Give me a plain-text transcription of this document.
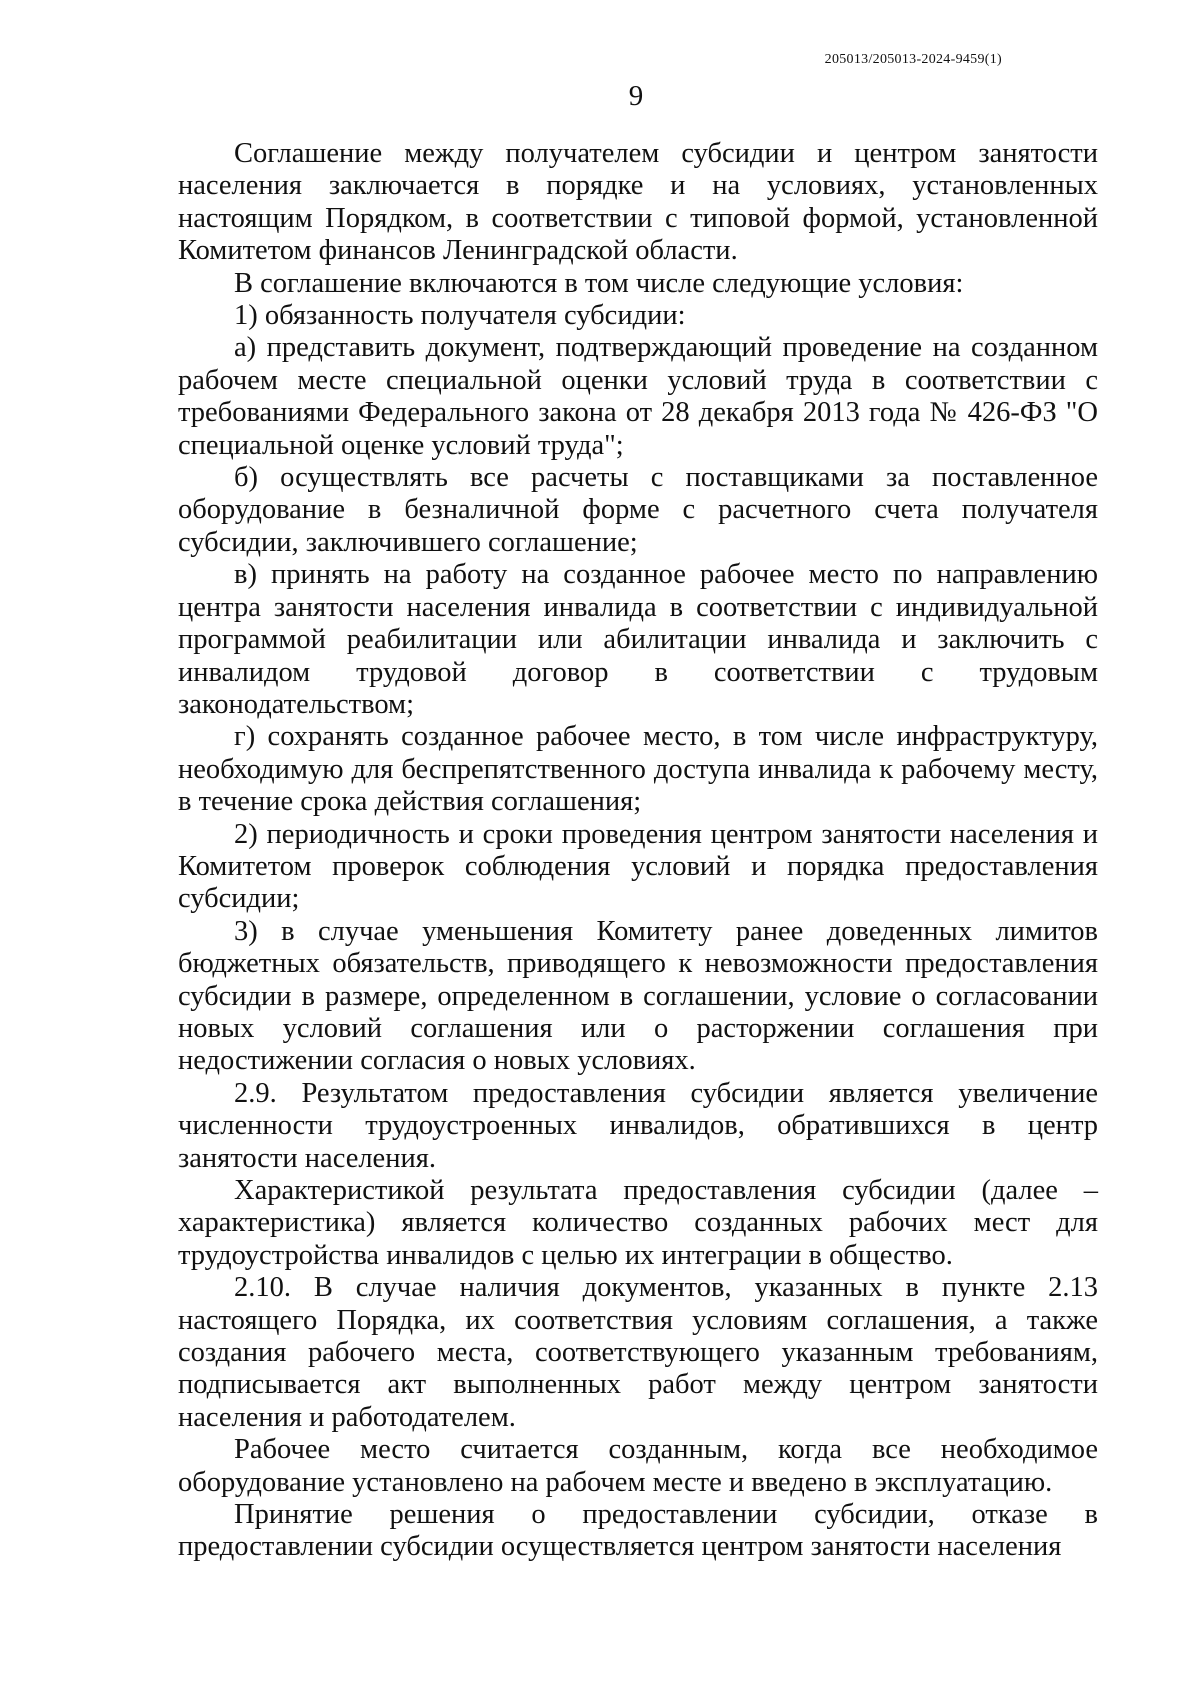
205013/205013-2024-9459(1)
9

Соглашение между получателем субсидии и центром занятости населения заключается в порядке и на условиях, установленных настоящим Порядком, в соответствии с типовой формой, установленной Комитетом финансов Ленинградской области.

В соглашение включаются в том числе следующие условия:

1) обязанность получателя субсидии:

а) представить документ, подтверждающий проведение на созданном рабочем месте специальной оценки условий труда в соответствии с требованиями Федерального закона от 28 декабря 2013 года № 426-ФЗ "О специальной оценке условий труда";

б) осуществлять все расчеты с поставщиками за поставленное оборудование в безналичной форме с расчетного счета получателя субсидии, заключившего соглашение;

в) принять на работу на созданное рабочее место по направлению центра занятости населения инвалида в соответствии с индивидуальной программой реабилитации или абилитации инвалида и заключить с инвалидом трудовой договор в соответствии с трудовым законодательством;

г) сохранять созданное рабочее место, в том числе инфраструктуру, необходимую для беспрепятственного доступа инвалида к рабочему месту, в течение срока действия соглашения;

2) периодичность и сроки проведения центром занятости населения и Комитетом проверок соблюдения условий и порядка предоставления субсидии;

3) в случае уменьшения Комитету ранее доведенных лимитов бюджетных обязательств, приводящего к невозможности предоставления субсидии в размере, определенном в соглашении, условие о согласовании новых условий соглашения или о расторжении соглашения при недостижении согласия о новых условиях.

2.9. Результатом предоставления субсидии является увеличение численности трудоустроенных инвалидов, обратившихся в центр занятости населения.

Характеристикой результата предоставления субсидии (далее – характеристика) является количество созданных рабочих мест для трудоустройства инвалидов с целью их интеграции в общество.

2.10. В случае наличия документов, указанных в пункте 2.13 настоящего Порядка, их соответствия условиям соглашения, а также создания рабочего места, соответствующего указанным требованиям, подписывается акт выполненных работ между центром занятости населения и работодателем.

Рабочее место считается созданным, когда все необходимое оборудование установлено на рабочем месте и введено в эксплуатацию.

Принятие решения о предоставлении субсидии, отказе в предоставлении субсидии осуществляется центром занятости населения
